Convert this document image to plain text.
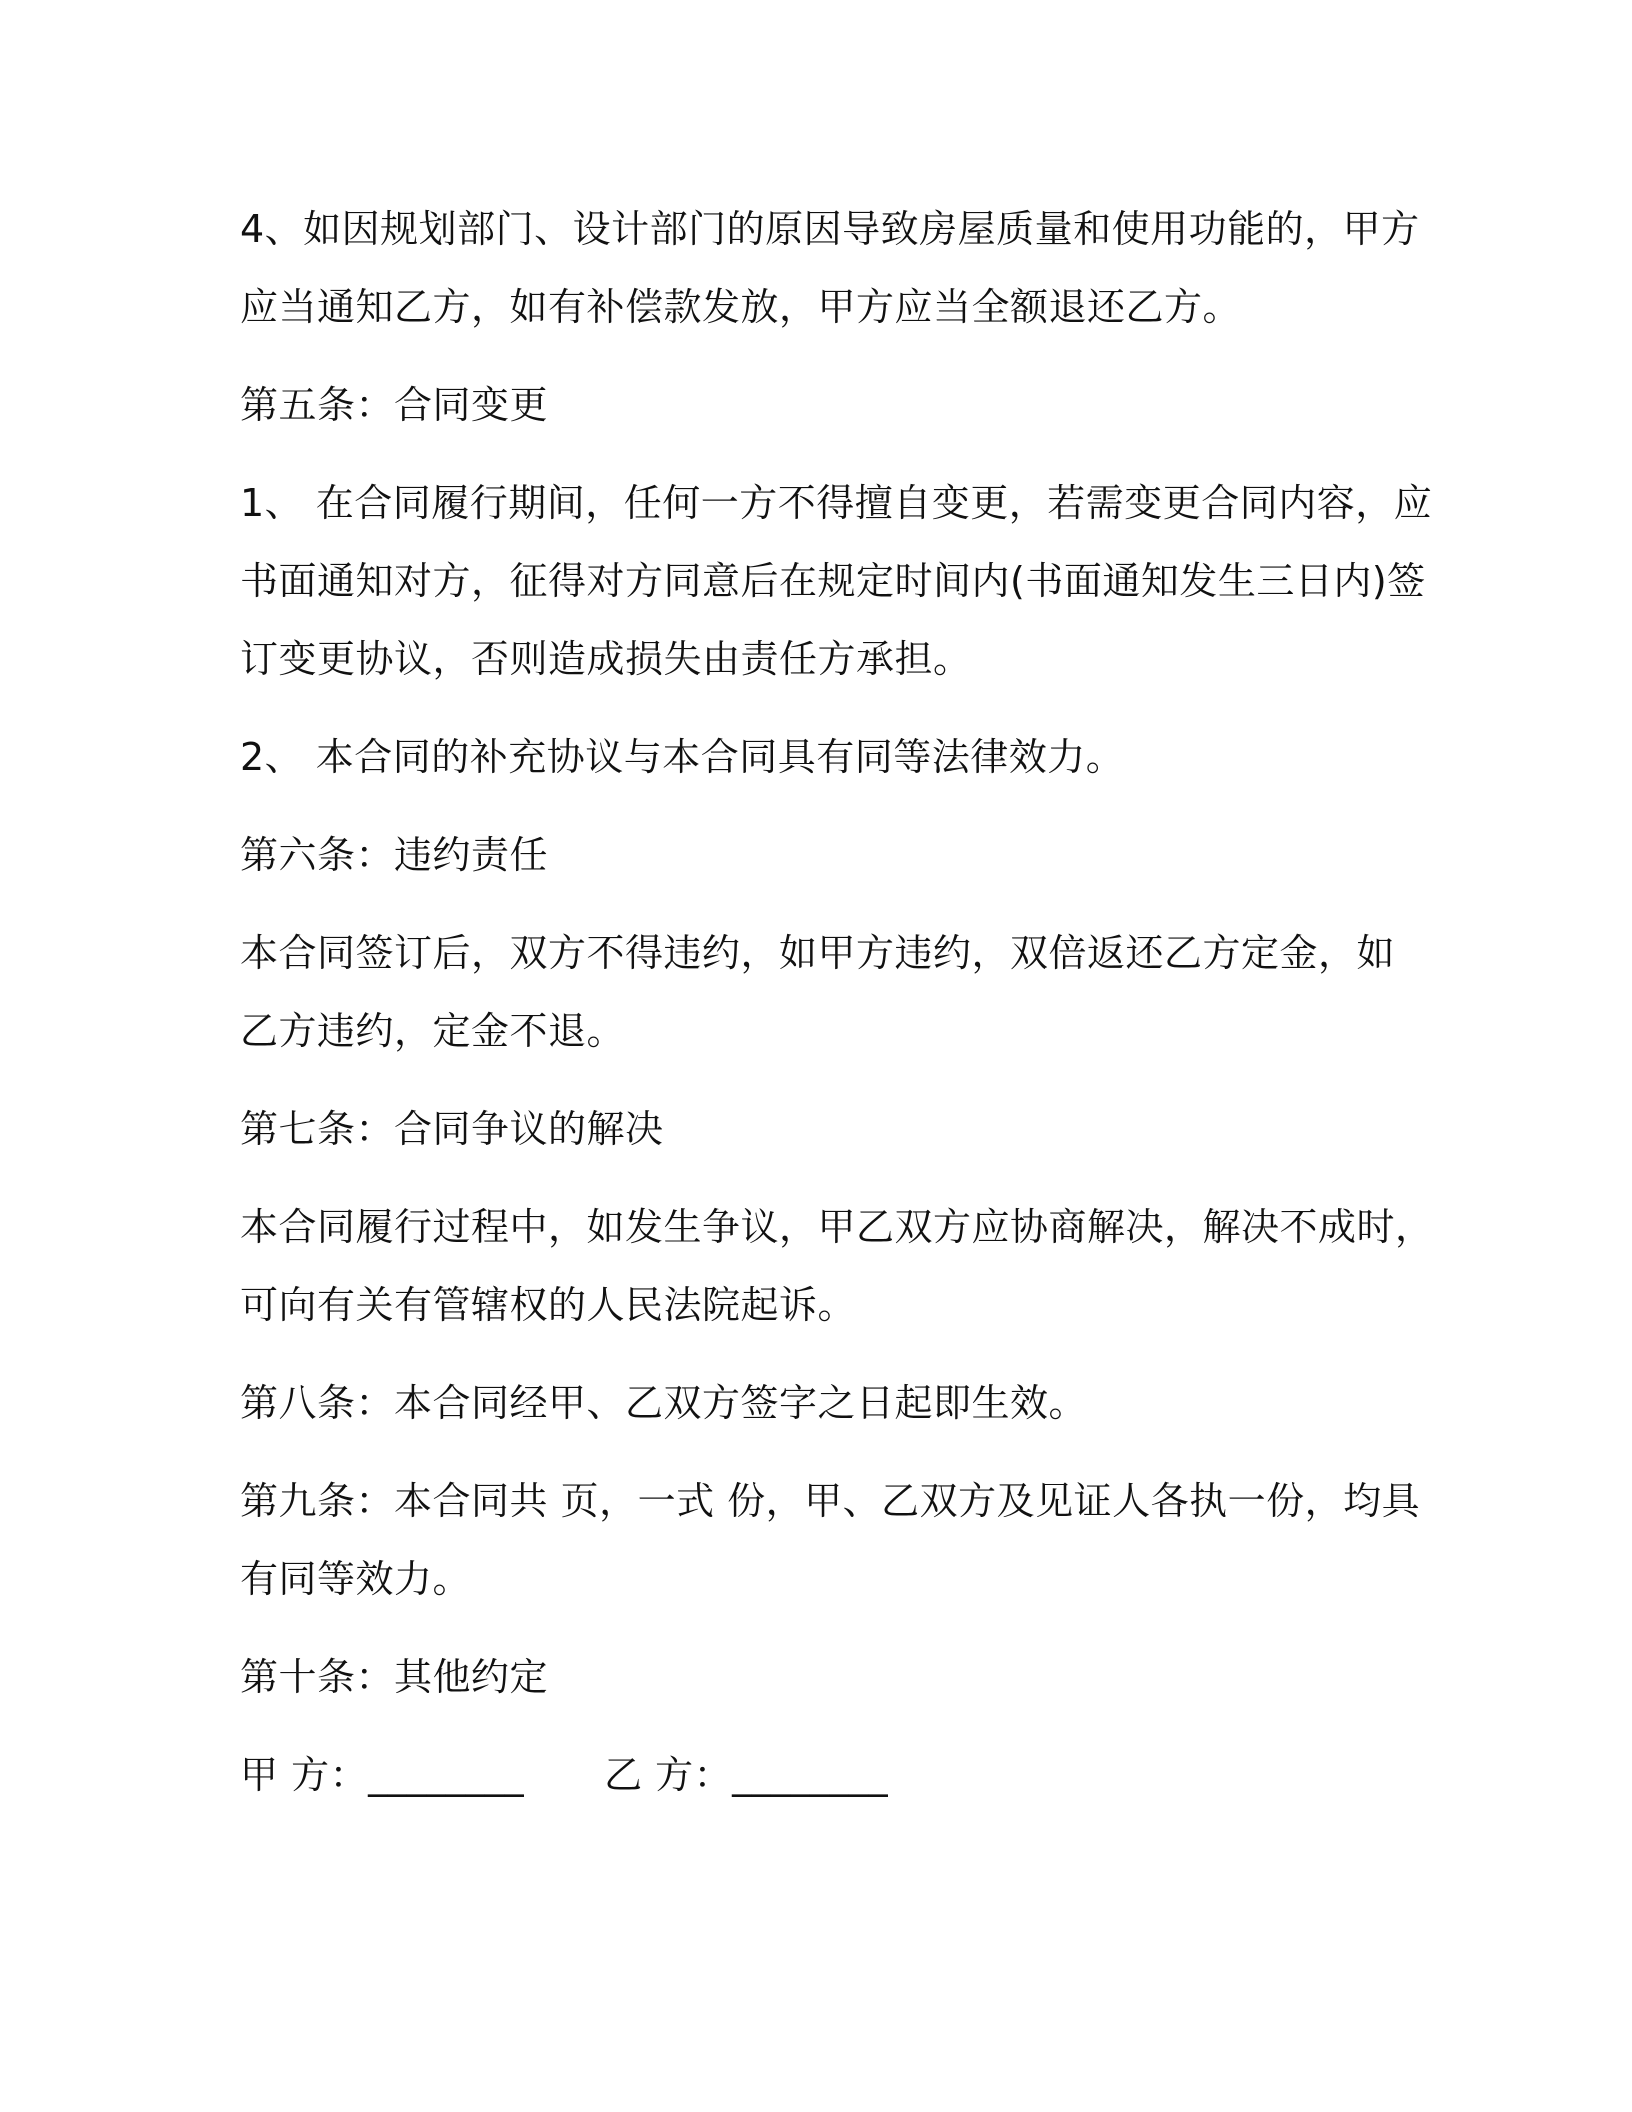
4、如因规划部门、设计部门的原因导致房屋质量和使用功能的，甲方
应当通知乙方，如有补偿款发放，甲方应当全额退还乙方。
第五条：合同变更
1、 在合同履行期间，任何一方不得擅自变更，若需变更合同内容，应
书面通知对方，征得对方同意后在规定时间内(书面通知发生三日内)签
订变更协议，否则造成损失由责任方承担。
2、 本合同的补充协议与本合同具有同等法律效力。
第六条：违约责任
本合同签订后，双方不得违约，如甲方违约，双倍返还乙方定金，如
乙方违约，定金不退。
第七条：合同争议的解决
本合同履行过程中，如发生争议，甲乙双方应协商解决，解决不成时，
可向有关有管辖权的人民法院起诉。
第八条：本合同经甲、乙双方签字之日起即生效。
第九条：本合同共 页，一式 份，甲、乙双方及见证人各执一份，均具
有同等效力。
第十条：其他约定
甲 方：________ 乙 方：________
